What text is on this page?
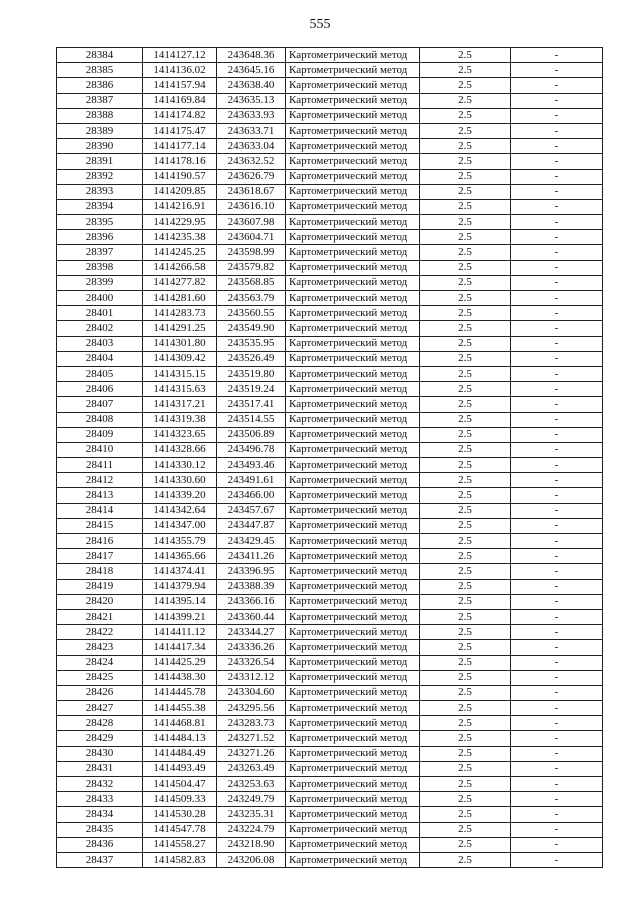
555
28384	1414127.12	243648.36	Картометрический метод	2.5	-
28385	1414136.02	243645.16	Картометрический метод	2.5	-
28386	1414157.94	243638.40	Картометрический метод	2.5	-
28387	1414169.84	243635.13	Картометрический метод	2.5	-
28388	1414174.82	243633.93	Картометрический метод	2.5	-
28389	1414175.47	243633.71	Картометрический метод	2.5	-
28390	1414177.14	243633.04	Картометрический метод	2.5	-
28391	1414178.16	243632.52	Картометрический метод	2.5	-
28392	1414190.57	243626.79	Картометрический метод	2.5	-
28393	1414209.85	243618.67	Картометрический метод	2.5	-
28394	1414216.91	243616.10	Картометрический метод	2.5	-
28395	1414229.95	243607.98	Картометрический метод	2.5	-
28396	1414235.38	243604.71	Картометрический метод	2.5	-
28397	1414245.25	243598.99	Картометрический метод	2.5	-
28398	1414266.58	243579.82	Картометрический метод	2.5	-
28399	1414277.82	243568.85	Картометрический метод	2.5	-
28400	1414281.60	243563.79	Картометрический метод	2.5	-
28401	1414283.73	243560.55	Картометрический метод	2.5	-
28402	1414291.25	243549.90	Картометрический метод	2.5	-
28403	1414301.80	243535.95	Картометрический метод	2.5	-
28404	1414309.42	243526.49	Картометрический метод	2.5	-
28405	1414315.15	243519.80	Картометрический метод	2.5	-
28406	1414315.63	243519.24	Картометрический метод	2.5	-
28407	1414317.21	243517.41	Картометрический метод	2.5	-
28408	1414319.38	243514.55	Картометрический метод	2.5	-
28409	1414323.65	243506.89	Картометрический метод	2.5	-
28410	1414328.66	243496.78	Картометрический метод	2.5	-
28411	1414330.12	243493.46	Картометрический метод	2.5	-
28412	1414330.60	243491.61	Картометрический метод	2.5	-
28413	1414339.20	243466.00	Картометрический метод	2.5	-
28414	1414342.64	243457.67	Картометрический метод	2.5	-
28415	1414347.00	243447.87	Картометрический метод	2.5	-
28416	1414355.79	243429.45	Картометрический метод	2.5	-
28417	1414365.66	243411.26	Картометрический метод	2.5	-
28418	1414374.41	243396.95	Картометрический метод	2.5	-
28419	1414379.94	243388.39	Картометрический метод	2.5	-
28420	1414395.14	243366.16	Картометрический метод	2.5	-
28421	1414399.21	243360.44	Картометрический метод	2.5	-
28422	1414411.12	243344.27	Картометрический метод	2.5	-
28423	1414417.34	243336.26	Картометрический метод	2.5	-
28424	1414425.29	243326.54	Картометрический метод	2.5	-
28425	1414438.30	243312.12	Картометрический метод	2.5	-
28426	1414445.78	243304.60	Картометрический метод	2.5	-
28427	1414455.38	243295.56	Картометрический метод	2.5	-
28428	1414468.81	243283.73	Картометрический метод	2.5	-
28429	1414484.13	243271.52	Картометрический метод	2.5	-
28430	1414484.49	243271.26	Картометрический метод	2.5	-
28431	1414493.49	243263.49	Картометрический метод	2.5	-
28432	1414504.47	243253.63	Картометрический метод	2.5	-
28433	1414509.33	243249.79	Картометрический метод	2.5	-
28434	1414530.28	243235.31	Картометрический метод	2.5	-
28435	1414547.78	243224.79	Картометрический метод	2.5	-
28436	1414558.27	243218.90	Картометрический метод	2.5	-
28437	1414582.83	243206.08	Картометрический метод	2.5	-
